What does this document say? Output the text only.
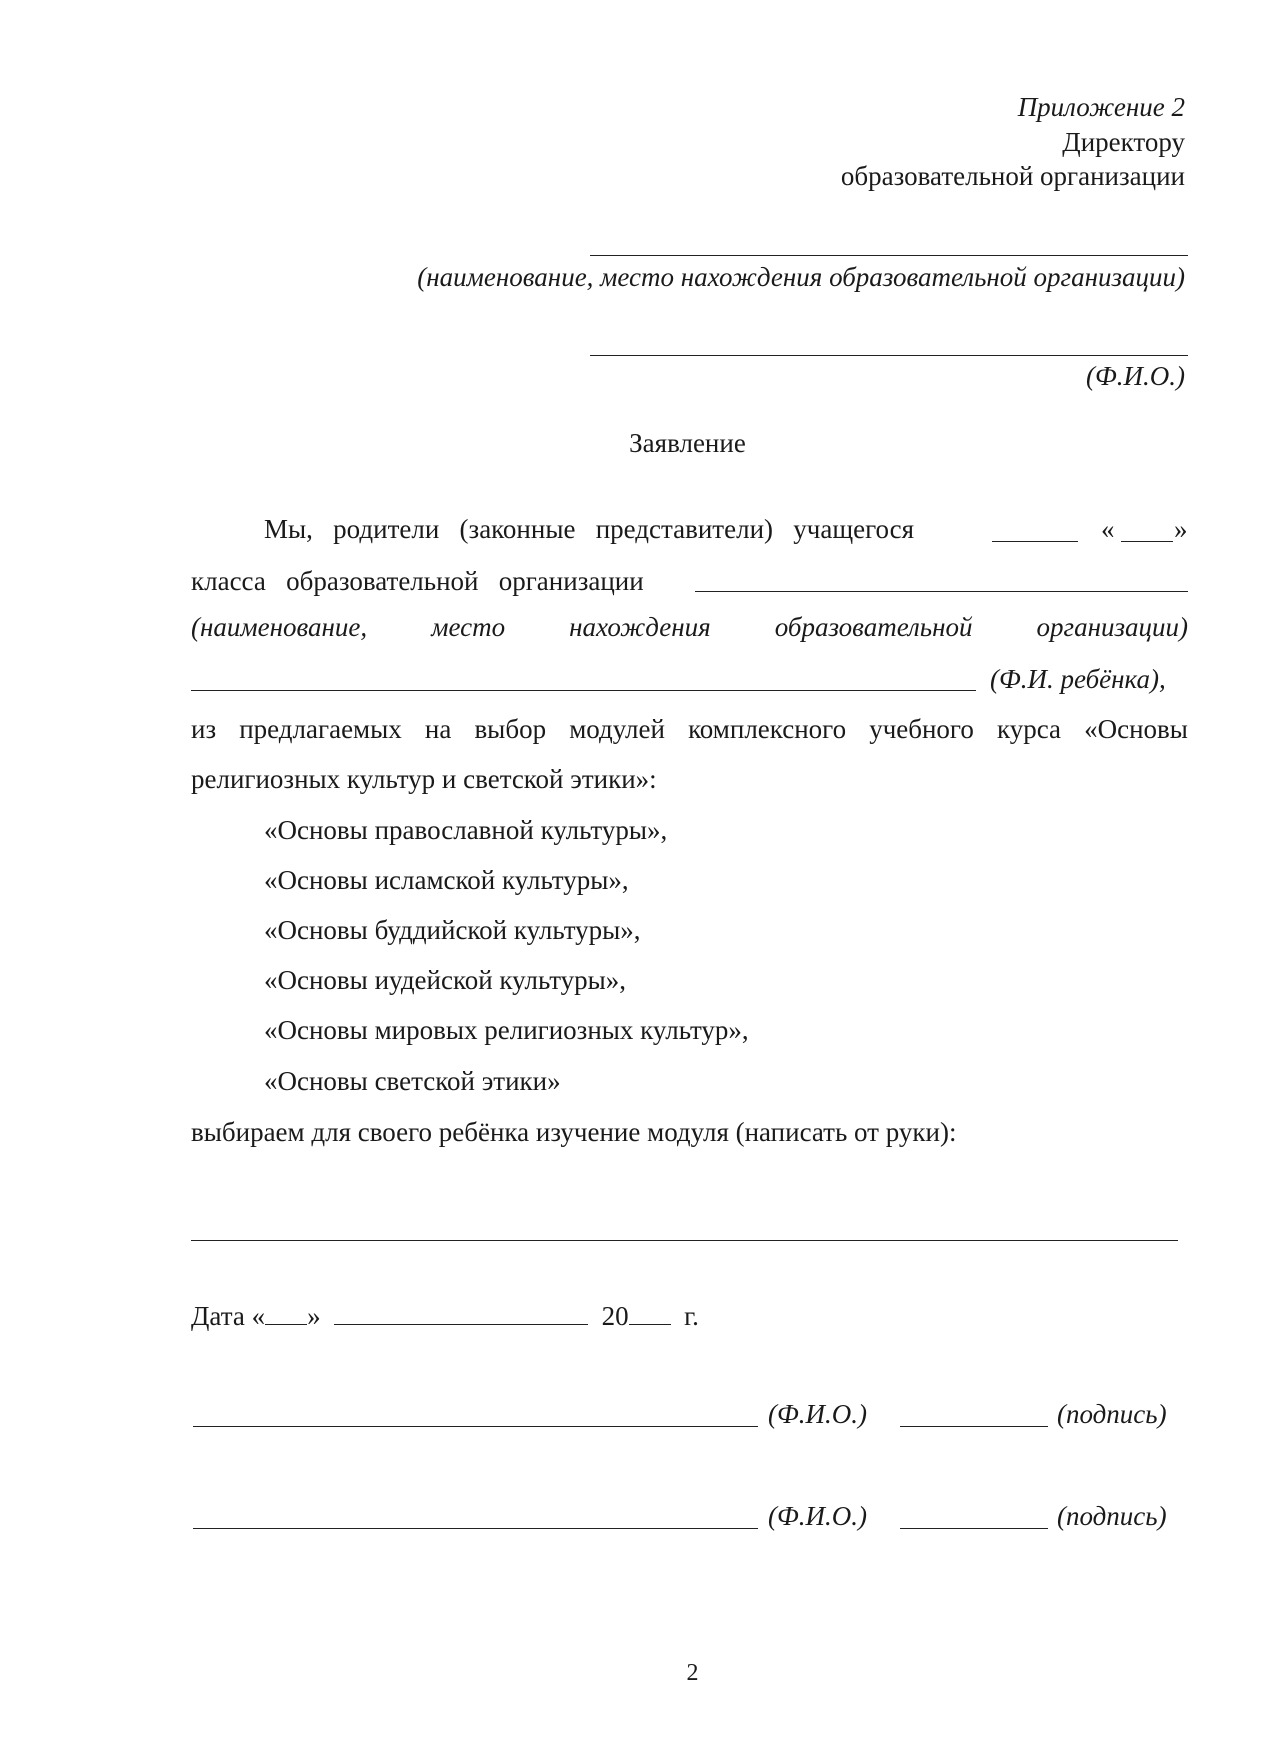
Приложение 2
Директору
образовательной организации
(наименование, место нахождения образовательной организации)
(Ф.И.О.)
Заявление
Мы, родители (законные представители) учащегося	« »
класса образовательной организации
(наименование, место нахождения образовательной организации)
(Ф.И. ребёнка),
из предлагаемых на выбор модулей комплексного учебного курса «Основы
религиозных культур и светской этики»:
«Основы православной культуры»,
«Основы исламской культуры»,
«Основы буддийской культуры»,
«Основы иудейской культуры»,
«Основы мировых религиозных культур»,
«Основы светской этики»
выбираем для своего ребёнка изучение модуля (написать от руки):
Дата « »	20 г.
(Ф.И.О.)	(подпись)
(Ф.И.О.)	(подпись)
2
